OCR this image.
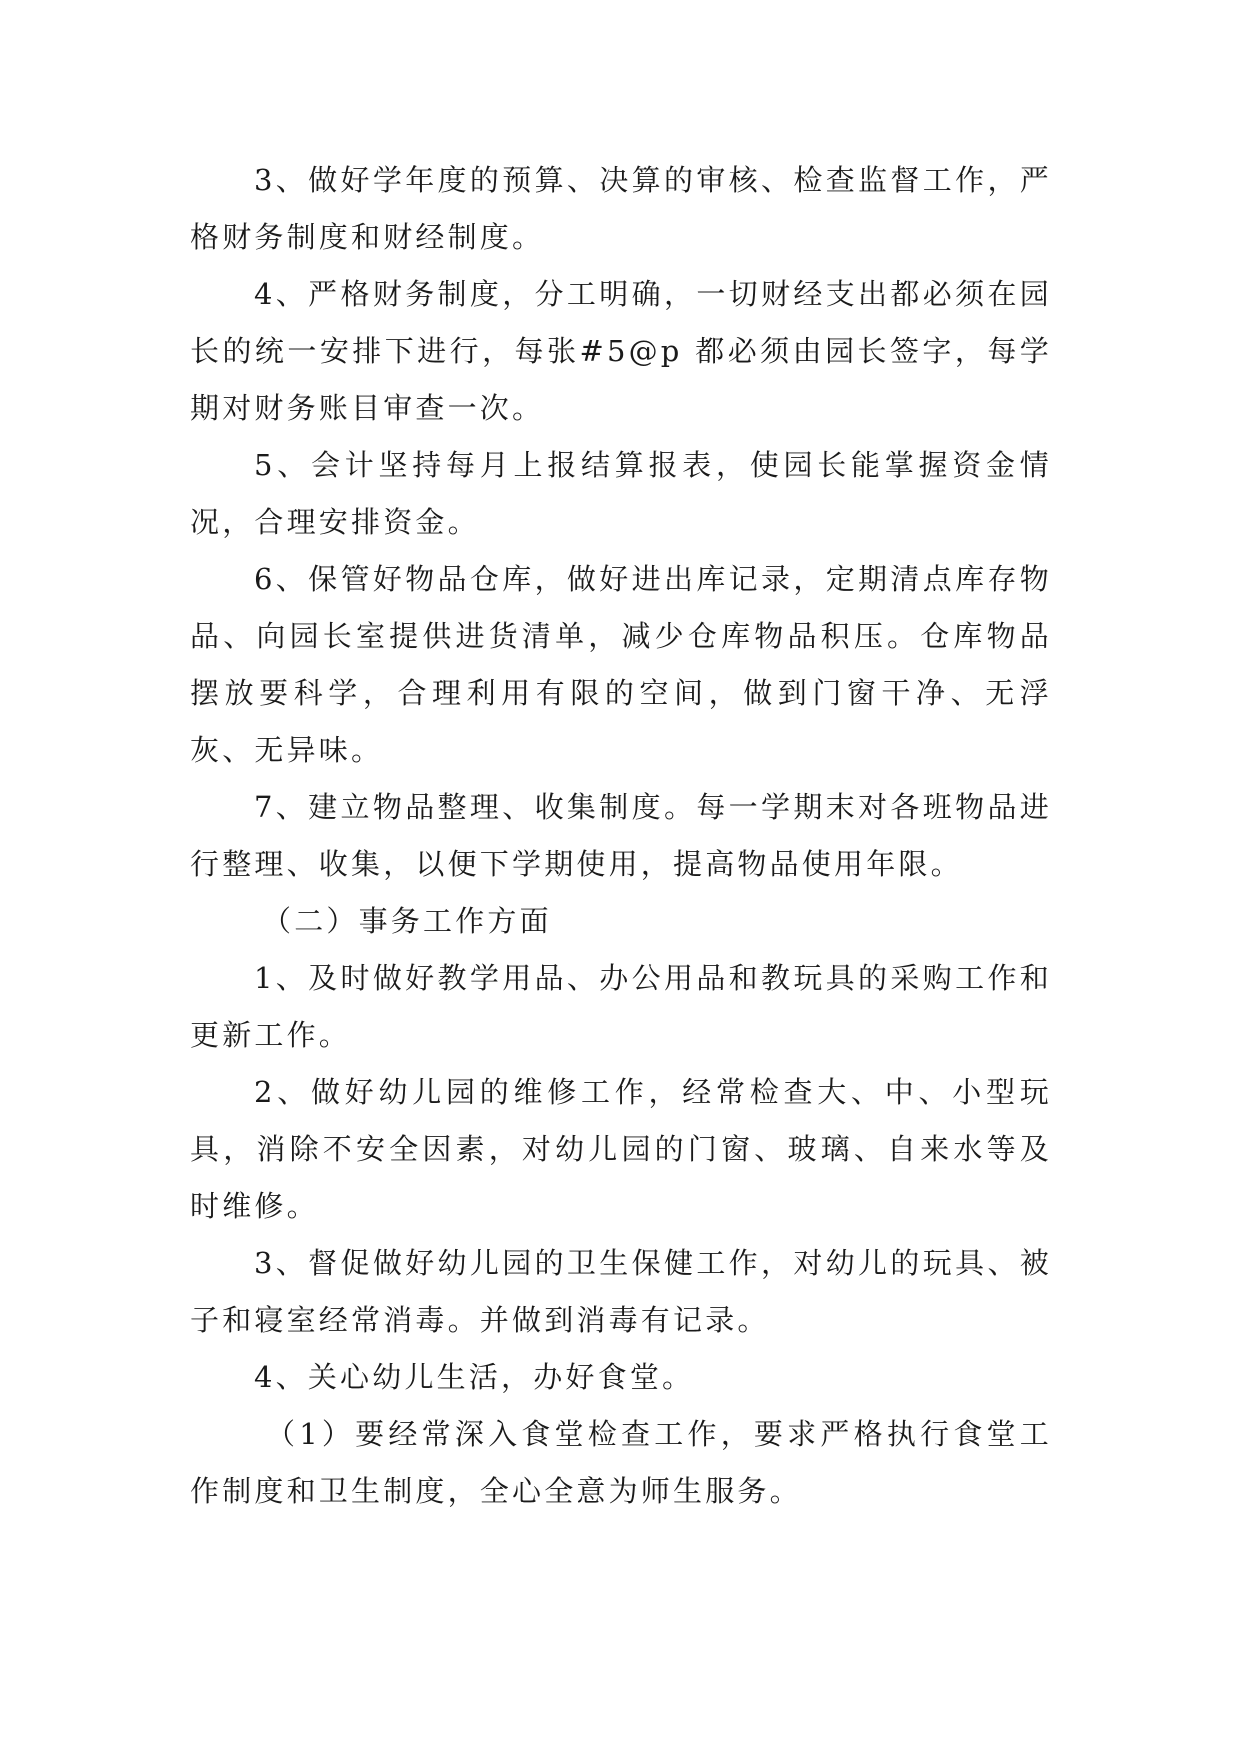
3、做好学年度的预算、决算的审核、检查监督工作，严格财务制度和财经制度。

4、严格财务制度，分工明确，一切财经支出都必须在园长的统一安排下进行，每张#5@p 都必须由园长签字，每学期对财务账目审查一次。

5、会计坚持每月上报结算报表，使园长能掌握资金情况，合理安排资金。

6、保管好物品仓库，做好进出库记录，定期清点库存物品、向园长室提供进货清单，减少仓库物品积压。仓库物品摆放要科学，合理利用有限的空间，做到门窗干净、无浮灰、无异味。

7、建立物品整理、收集制度。每一学期末对各班物品进行整理、收集，以便下学期使用，提高物品使用年限。

（二）事务工作方面

1、及时做好教学用品、办公用品和教玩具的采购工作和更新工作。

2、做好幼儿园的维修工作，经常检查大、中、小型玩具，消除不安全因素，对幼儿园的门窗、玻璃、自来水等及时维修。

3、督促做好幼儿园的卫生保健工作，对幼儿的玩具、被子和寝室经常消毒。并做到消毒有记录。

4、关心幼儿生活，办好食堂。

（1）要经常深入食堂检查工作，要求严格执行食堂工作制度和卫生制度，全心全意为师生服务。
